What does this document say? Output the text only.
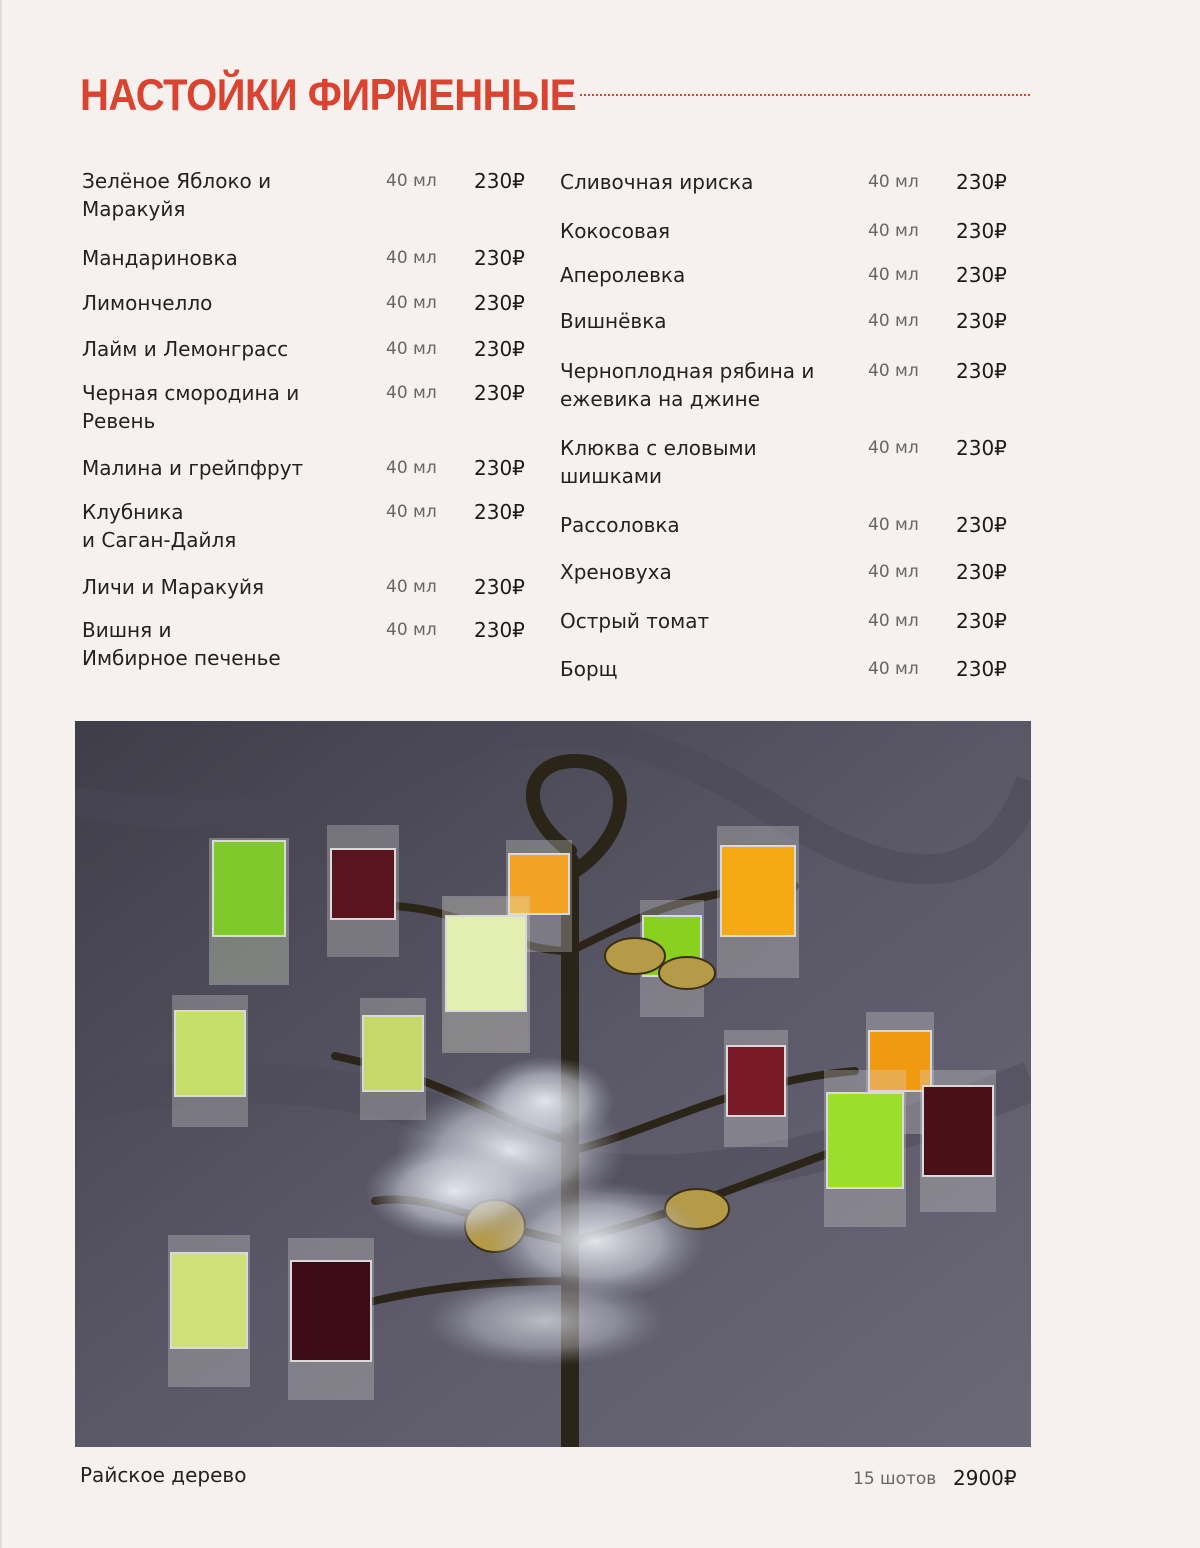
НАСТОЙКИ ФИРМЕННЫЕ
Зелёное Яблоко и
Маракуйя
40 мл 230₽
Мандариновка	40 мл 230₽
Лимончелло	40 мл 230₽
Лайм и Лемонграсс	40 мл 230₽
Черная смородина и
Ревень
40 мл 230₽
Малина и грейпфрут	40 мл 230₽
Клубника
и Саган-Дайля
40 мл 230₽
Личи и Маракуйя	40 мл 230₽
Вишня и
Имбирное печенье
40 мл 230₽
Сливочная ириска	40 мл 230₽
Кокосовая	40 мл 230₽
Аперолевка	40 мл 230₽
Вишнёвка	40 мл 230₽
Черноплодная рябина и
ежевика на джине
40 мл 230₽
Клюква с еловыми
шишками
40 мл 230₽
Рассоловка	40 мл 230₽
Хреновуха	40 мл 230₽
Острый томат	40 мл 230₽
Борщ	40 мл 230₽
Райское дерево	15 шотов 2900₽
